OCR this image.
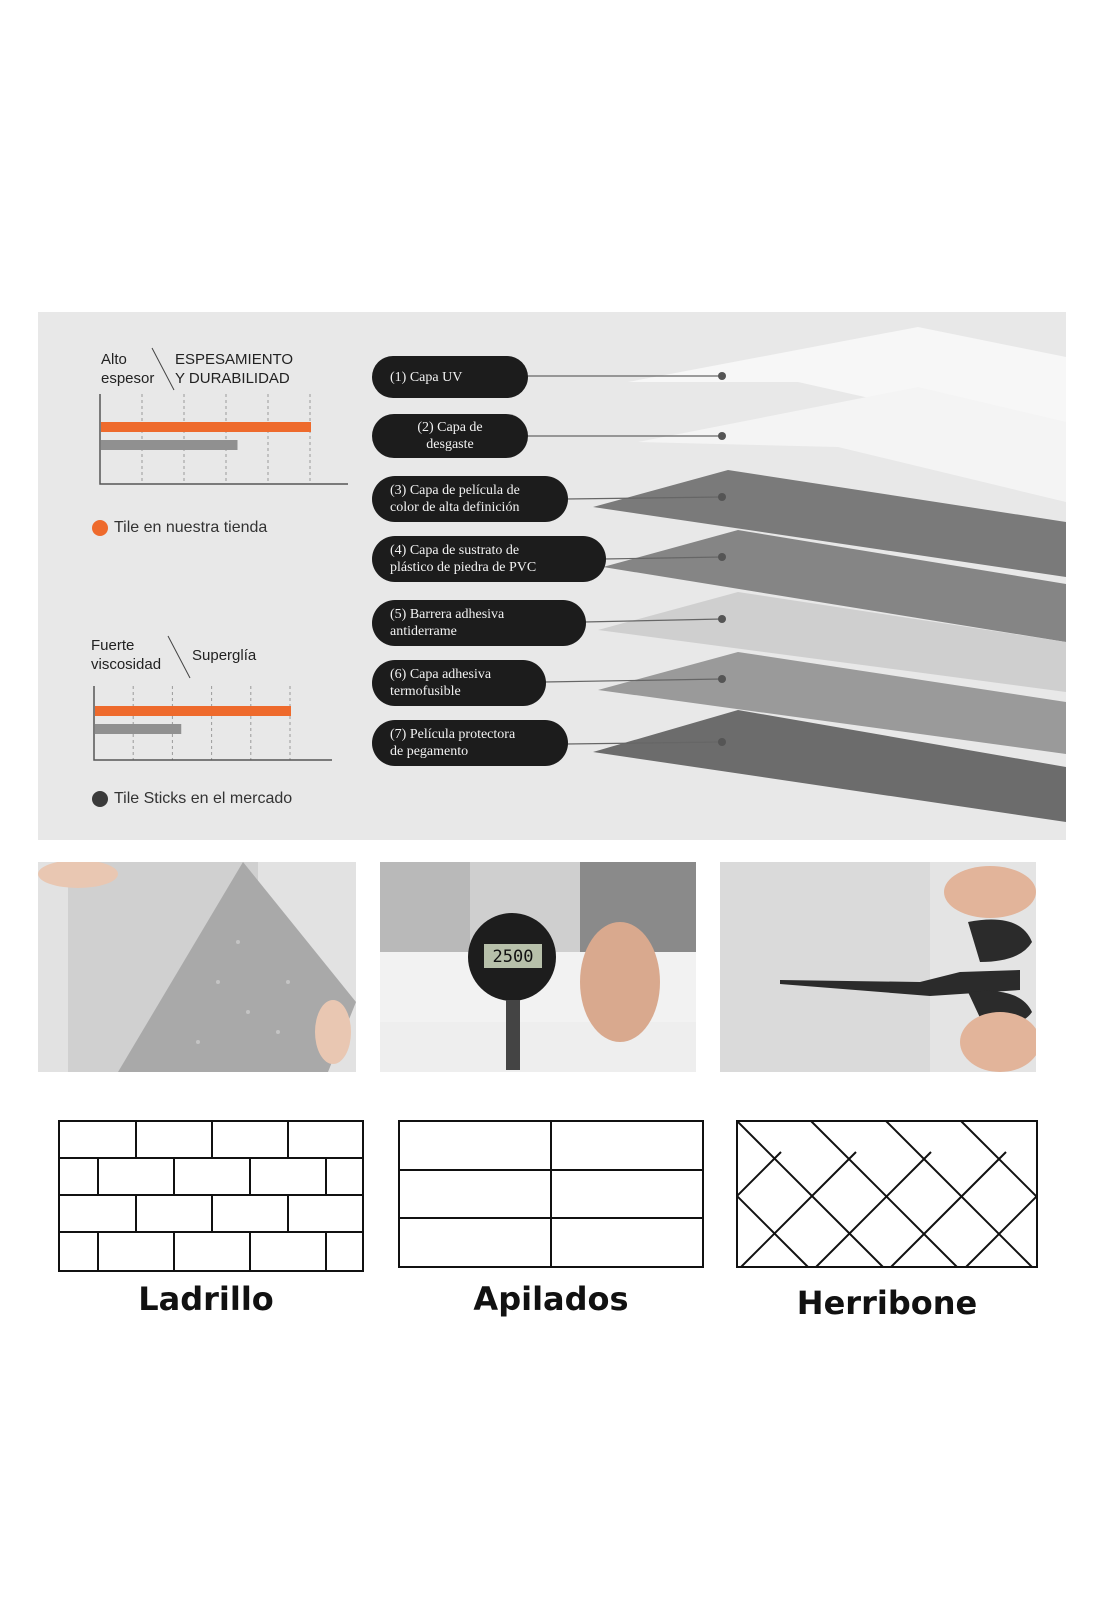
(1) Capa UV
(2) Capa de
desgaste
(3) Capa de película de
color de alta definición
(4) Capa de sustrato de
plástico de piedra de PVC
(5) Barrera adhesiva
antiderrame
(6) Capa adhesiva
termofusible
(7) Película protectora
de pegamento
Alto
espesor
ESPESAMIENTO
Y DURABILIDAD
Tile en nuestra tienda
Fuerte
viscosidad
Superglía
Tile Sticks en el mercado
2500
Ladrillo	Apilados	Herribone
